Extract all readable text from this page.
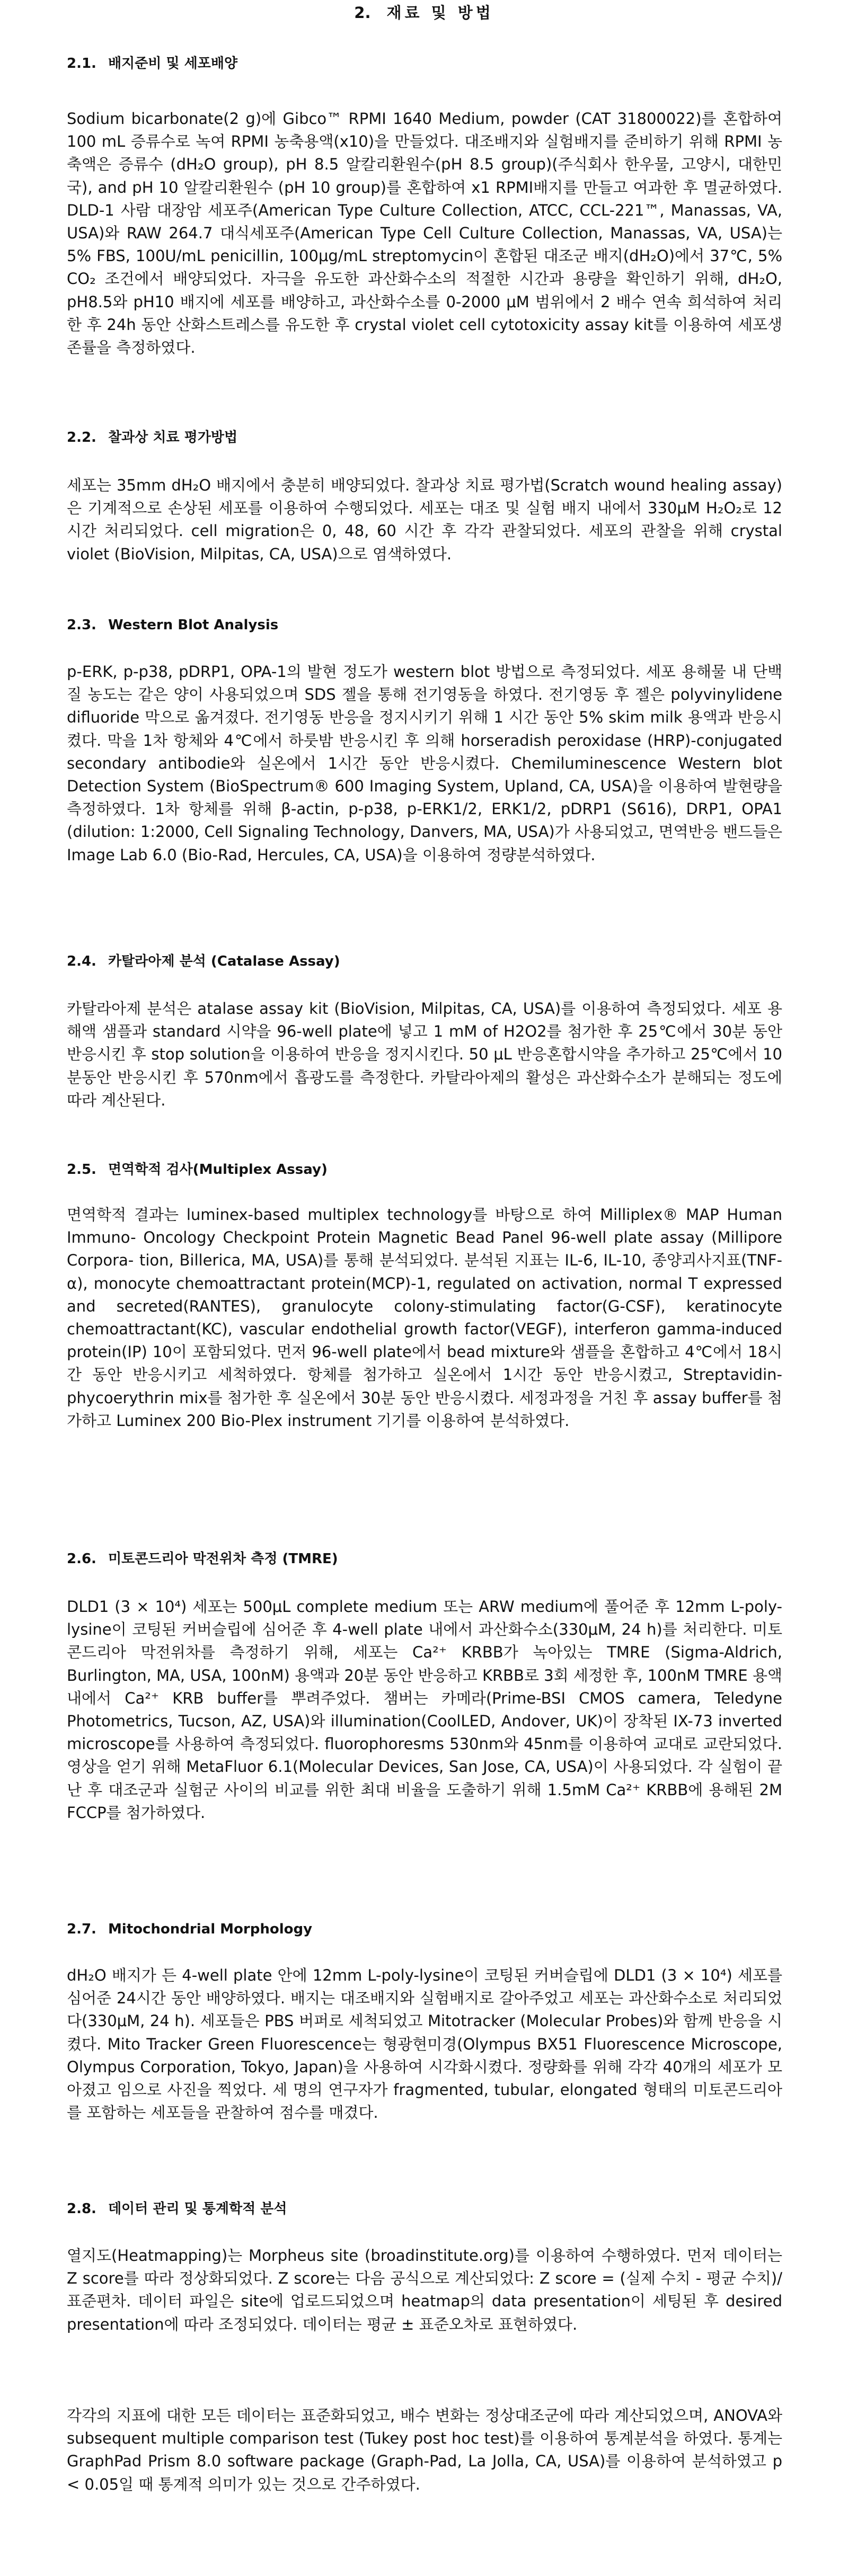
2. 재료 및 방법
2.1. 배지준비 및 세포배양

Sodium bicarbonate(2 g)에 Gibco™ RPMI 1640 Medium, powder (CAT 31800022)를 혼합하여 100 mL 증류수로 녹여 RPMI 농축용액(x10)을 만들었다. 대조배지와 실험배지를 준비하기 위해 RPMI 농축액은 증류수 (dH₂O group), pH 8.5 알칼리환원수(pH 8.5 group)(주식회사 한우물, 고양시, 대한민국), and pH 10 알칼리환원수 (pH 10 group)를 혼합하여 x1 RPMI배지를 만들고 여과한 후 멸균하였다. DLD-1 사람 대장암 세포주(American Type Culture Collection, ATCC, CCL-221™, Manassas, VA, USA)와 RAW 264.7 대식세포주(American Type Cell Culture Collection, Manassas, VA, USA)는 5% FBS, 100U/mL penicillin, 100μg/mL streptomycin이 혼합된 대조군 배지(dH₂O)에서 37℃, 5% CO₂ 조건에서 배양되었다. 자극을 유도한 과산화수소의 적절한 시간과 용량을 확인하기 위해, dH₂O, pH8.5와 pH10 배지에 세포를 배양하고, 과산화수소를 0-2000 μM 범위에서 2 배수 연속 희석하여 처리한 후 24h 동안 산화스트레스를 유도한 후 crystal violet cell cytotoxicity assay kit를 이용하여 세포생존률을 측정하였다.

2.2. 찰과상 치료 평가방법

세포는 35mm dH₂O 배지에서 충분히 배양되었다. 찰과상 치료 평가법(Scratch wound healing assay)은 기계적으로 손상된 세포를 이용하여 수행되었다. 세포는 대조 및 실험 배지 내에서 330μM H₂O₂로 12 시간 처리되었다. cell migration은 0, 48, 60 시간 후 각각 관찰되었다. 세포의 관찰을 위해 crystal violet (BioVision, Milpitas, CA, USA)으로 염색하였다.

2.3. Western Blot Analysis

p-ERK, p-p38, pDRP1, OPA-1의 발현 정도가 western blot 방법으로 측정되었다. 세포 용해물 내 단백질 농도는 같은 양이 사용되었으며 SDS 젤을 통해 전기영동을 하였다. 전기영동 후 젤은 polyvinylidene difluoride 막으로 옮겨졌다. 전기영동 반응을 정지시키기 위해 1 시간 동안 5% skim milk 용액과 반응시켰다. 막을 1차 항체와 4℃에서 하룻밤 반응시킨 후 의해 horseradish peroxidase (HRP)-conjugated secondary antibodie와 실온에서 1시간 동안 반응시켰다. Chemiluminescence Western blot Detection System (BioSpectrum® 600 Imaging System, Upland, CA, USA)을 이용하여 발현량을 측정하였다. 1차 항체를 위해 β-actin, p-p38, p-ERK1/2, ERK1/2, pDRP1 (S616), DRP1, OPA1 (dilution: 1:2000, Cell Signaling Technology, Danvers, MA, USA)가 사용되었고, 면역반응 밴드들은 Image Lab 6.0 (Bio-Rad, Hercules, CA, USA)을 이용하여 정량분석하였다.

2.4. 카탈라아제 분석 (Catalase Assay)

카탈라아제 분석은 atalase assay kit (BioVision, Milpitas, CA, USA)를 이용하여 측정되었다. 세포 용해액 샘플과 standard 시약을 96-well plate에 넣고 1 mM of H2O2를 첨가한 후 25℃에서 30분 동안 반응시킨 후 stop solution을 이용하여 반응을 정지시킨다. 50 μL 반응혼합시약을 추가하고 25℃에서 10분동안 반응시킨 후 570nm에서 흡광도를 측정한다. 카탈라아제의 활성은 과산화수소가 분해되는 정도에 따라 계산된다.

2.5. 면역학적 검사(Multiplex Assay)

면역학적 결과는 luminex-based multiplex technology를 바탕으로 하여 Milliplex® MAP Human Immuno- Oncology Checkpoint Protein Magnetic Bead Panel 96-well plate assay (Millipore Corpora- tion, Billerica, MA, USA)를 통해 분석되었다. 분석된 지표는 IL-6, IL-10, 종양괴사지표(TNF-α), monocyte chemoattractant protein(MCP)-1, regulated on activation, normal T expressed and secreted(RANTES), granulocyte colony-stimulating factor(G-CSF), keratinocyte chemoattractant(KC), vascular endothelial growth factor(VEGF), interferon gamma-induced protein(IP) 10이 포함되었다. 먼저 96-well plate에서 bead mixture와 샘플을 혼합하고 4℃에서 18시간 동안 반응시키고 세척하였다. 항체를 첨가하고 실온에서 1시간 동안 반응시켰고, Streptavidin-phycoerythrin mix를 첨가한 후 실온에서 30분 동안 반응시켰다. 세정과정을 거친 후 assay buffer를 첨가하고 Luminex 200 Bio-Plex instrument 기기를 이용하여 분석하였다.

2.6. 미토콘드리아 막전위차 측정 (TMRE)

DLD1 (3 × 10⁴) 세포는 500μL complete medium 또는 ARW medium에 풀어준 후 12mm L-poly-lysine이 코팅된 커버슬립에 심어준 후 4-well plate 내에서 과산화수소(330μM, 24 h)를 처리한다. 미토콘드리아 막전위차를 측정하기 위해, 세포는 Ca²⁺ KRBB가 녹아있는 TMRE (Sigma-Aldrich, Burlington, MA, USA, 100nM) 용액과 20분 동안 반응하고 KRBB로 3회 세정한 후, 100nM TMRE 용액 내에서 Ca²⁺ KRB buffer를 뿌려주었다. 챔버는 카메라(Prime-BSI CMOS camera, Teledyne Photometrics, Tucson, AZ, USA)와 illumination(CoolLED, Andover, UK)이 장착된 IX-73 inverted microscope를 사용하여 측정되었다. fluorophoresms 530nm와 45nm를 이용하여 교대로 교란되었다. 영상을 얻기 위해 MetaFluor 6.1(Molecular Devices, San Jose, CA, USA)이 사용되었다. 각 실험이 끝난 후 대조군과 실험군 사이의 비교를 위한 최대 비율을 도출하기 위해 1.5mM Ca²⁺ KRBB에 용해된 2M FCCP를 첨가하였다.

2.7. Mitochondrial Morphology

dH₂O 배지가 든 4-well plate 안에 12mm L-poly-lysine이 코팅된 커버슬립에 DLD1 (3 × 10⁴) 세포를 심어준 24시간 동안 배양하였다. 배지는 대조배지와 실험배지로 갈아주었고 세포는 과산화수소로 처리되었다(330μM, 24 h). 세포들은 PBS 버퍼로 세척되었고 Mitotracker (Molecular Probes)와 함께 반응을 시켰다. Mito Tracker Green Fluorescence는 형광현미경(Olympus BX51 Fluorescence Microscope, Olympus Corporation, Tokyo, Japan)을 사용하여 시각화시켰다. 정량화를 위해 각각 40개의 세포가 모아졌고 임으로 사진을 찍었다. 세 명의 연구자가 fragmented, tubular, elongated 형태의 미토콘드리아를 포함하는 세포들을 관찰하여 점수를 매겼다.

2.8. 데이터 관리 및 통계학적 분석

열지도(Heatmapping)는 Morpheus site (broadinstitute.org)를 이용하여 수행하였다. 먼저 데이터는 Z score를 따라 정상화되었다. Z score는 다음 공식으로 계산되었다: Z score = (실제 수치 - 평균 수치)/표준편차. 데이터 파일은 site에 업로드되었으며 heatmap의 data presentation이 세팅된 후 desired presentation에 따라 조정되었다. 데이터는 평균 ± 표준오차로 표현하였다.

각각의 지표에 대한 모든 데이터는 표준화되었고, 배수 변화는 정상대조군에 따라 계산되었으며, ANOVA와 subsequent multiple comparison test (Tukey post hoc test)를 이용하여 통계분석을 하였다. 통계는 GraphPad Prism 8.0 software package (Graph-Pad, La Jolla, CA, USA)를 이용하여 분석하였고 p < 0.05일 때 통계적 의미가 있는 것으로 간주하였다.
